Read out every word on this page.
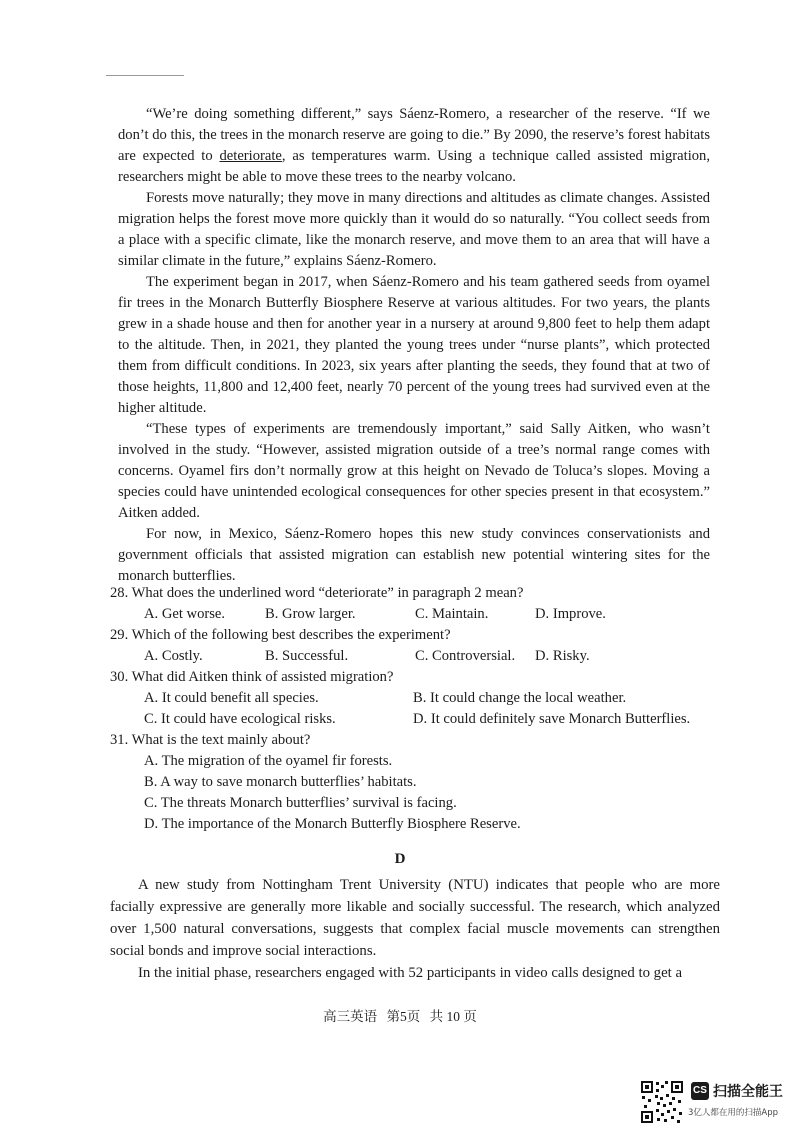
“We’re doing something different,” says Sáenz-Romero, a researcher of the reserve. “If we don’t do this, the trees in the monarch reserve are going to die.” By 2090, the reserve’s forest habitats are expected to deteriorate, as temperatures warm. Using a technique called assisted migration, researchers might be able to move these trees to the nearby volcano.

Forests move naturally; they move in many directions and altitudes as climate changes. Assisted migration helps the forest move more quickly than it would do so naturally. “You collect seeds from a place with a specific climate, like the monarch reserve, and move them to an area that will have a similar climate in the future,” explains Sáenz-Romero.

The experiment began in 2017, when Sáenz-Romero and his team gathered seeds from oyamel fir trees in the Monarch Butterfly Biosphere Reserve at various altitudes. For two years, the plants grew in a shade house and then for another year in a nursery at around 9,800 feet to help them adapt to the altitude. Then, in 2021, they planted the young trees under “nurse plants”, which protected them from difficult conditions. In 2023, six years after planting the seeds, they found that at two of those heights, 11,800 and 12,400 feet, nearly 70 percent of the young trees had survived even at the higher altitude.

“These types of experiments are tremendously important,” said Sally Aitken, who wasn’t involved in the study. “However, assisted migration outside of a tree’s normal range comes with concerns. Oyamel firs don’t normally grow at this height on Nevado de Toluca’s slopes. Moving a species could have unintended ecological consequences for other species present in that ecosystem.” Aitken added.

For now, in Mexico, Sáenz-Romero hopes this new study convinces conservationists and government officials that assisted migration can establish new potential wintering sites for the monarch butterflies.

28. What does the underlined word “deteriorate” in paragraph 2 mean?
A. Get worse.	B. Grow larger.	C. Maintain.	D. Improve.
29. Which of the following best describes the experiment?
A. Costly.	B. Successful.	C. Controversial. D. Risky.
30. What did Aitken think of assisted migration?
A. It could benefit all species.	B. It could change the local weather.
C. It could have ecological risks.	D. It could definitely save Monarch Butterflies.
31. What is the text mainly about?
A. The migration of the oyamel fir forests.
B. A way to save monarch butterflies’ habitats.
C. The threats Monarch butterflies’ survival is facing.
D. The importance of the Monarch Butterfly Biosphere Reserve.
D

A new study from Nottingham Trent University (NTU) indicates that people who are more facially expressive are generally more likable and socially successful. The research, which analyzed over 1,500 natural conversations, suggests that complex facial muscle movements can strengthen social bonds and improve social interactions.

In the initial phase, researchers engaged with 52 participants in video calls designed to get a

高三英语 第5页 共 10 页
CS 扫描全能王
3亿人都在用的扫描App
